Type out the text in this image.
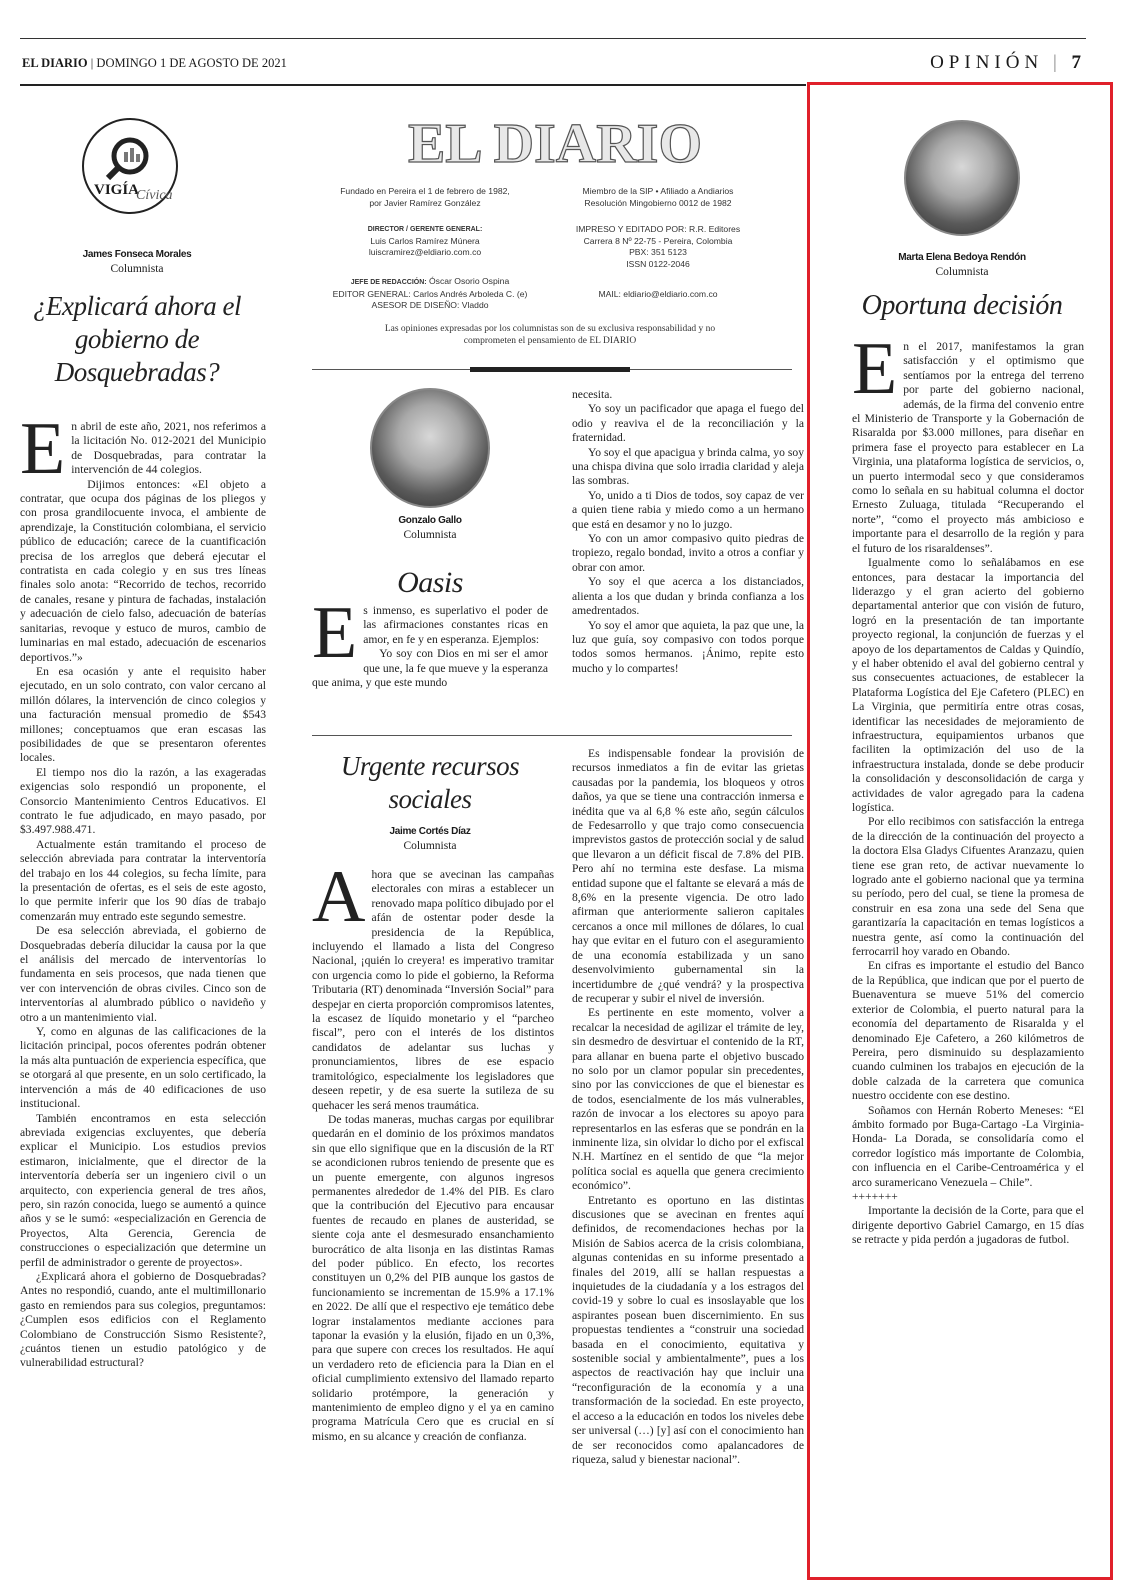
EL DIARIO | DOMINGO 1 DE AGOSTO DE 2021	OPINIÓN | 7
VIGÍA
Cívica
James Fonseca Morales
Columnista
¿Explicará ahora el gobierno de Dosquebradas?
E n abril de este año, 2021, nos referimos a la licitación No. 012-2021 del Municipio de Dosquebradas, para contratar la intervención de 44 colegios.

Dijimos entonces: «El objeto a contratar, que ocupa dos páginas de los pliegos y con prosa grandilocuente invoca, el ambiente de aprendizaje, la Constitución colombiana, el servicio público de educación; carece de la cuantificación precisa de los arreglos que deberá ejecutar el contratista en cada colegio y en sus tres líneas finales solo anota: “Recorrido de techos, recorrido de canales, resane y pintura de fachadas, instalación y adecuación de cielo falso, adecuación de baterías sanitarias, revoque y estuco de muros, cambio de luminarias en mal estado, adecuación de escenarios deportivos.”»

En esa ocasión y ante el requisito haber ejecutado, en un solo contrato, con valor cercano al millón dólares, la intervención de cinco colegios y una facturación mensual promedio de $543 millones; conceptuamos que eran escasas las posibilidades de que se presentaron oferentes locales.

El tiempo nos dio la razón, a las exageradas exigencias solo respondió un proponente, el Consorcio Mantenimiento Centros Educativos. El contrato le fue adjudicado, en mayo pasado, por $3.497.988.471.

Actualmente están tramitando el proceso de selección abreviada para contratar la interventoría del trabajo en los 44 colegios, su fecha límite, para la presentación de ofertas, es el seis de este agosto, lo que permite inferir que los 90 días de trabajo comenzarán muy entrado este segundo semestre.

De esa selección abreviada, el gobierno de Dosquebradas debería dilucidar la causa por la que el análisis del mercado de interventorías lo fundamenta en seis procesos, que nada tienen que ver con intervención de obras civiles. Cinco son de interventorías al alumbrado público o navideño y otro a un mantenimiento vial.

Y, como en algunas de las calificaciones de la licitación principal, pocos oferentes podrán obtener la más alta puntuación de experiencia específica, que se otorgará al que presente, en un solo certificado, la intervención a más de 40 edificaciones de uso institucional.

También encontramos en esta selección abreviada exigencias excluyentes, que debería explicar el Municipio. Los estudios previos estimaron, inicialmente, que el director de la interventoría debería ser un ingeniero civil o un arquitecto, con experiencia general de tres años, pero, sin razón conocida, luego se aumentó a quince años y se le sumó: «especialización en Gerencia de Proyectos, Alta Gerencia, Gerencia de construcciones o especialización que determine un perfil de administrador o gerente de proyectos».

¿Explicará ahora el gobierno de Dosquebradas? Antes no respondió, cuando, ante el multimillonario gasto en remiendos para sus colegios, preguntamos: ¿Cumplen esos edificios con el Reglamento Colombiano de Construcción Sismo Resistente?, ¿cuántos tienen un estudio patológico y de vulnerabilidad estructural?

EL DIARIO
Fundado en Pereira el 1 de febrero de 1982, por Javier Ramírez González
DIRECTOR / GERENTE GENERAL:
Luis Carlos Ramírez Múnera
luiscramirez@eldiario.com.co
JEFE DE REDACCIÓN: Óscar Osorio Ospina
EDITOR GENERAL: Carlos Andrés Arboleda C. (e)
ASESOR DE DISEÑO: Vladdo
Miembro de la SIP • Afiliado a Andiarios
Resolución Mingobierno 0012 de 1982
IMPRESO Y EDITADO POR: R.R. Editores
Carrera 8 Nº 22-75 - Pereira, Colombia
PBX: 351 5123
ISSN 0122-2046
MAIL: eldiario@eldiario.com.co
Las opiniones expresadas por los columnistas son de su exclusiva responsabilidad y no comprometen el pensamiento de EL DIARIO
Gonzalo Gallo
Columnista
Oasis
E s inmenso, es superlativo el poder de las afirmaciones constantes ricas en amor, en fe y en esperanza. Ejemplos:

Yo soy con Dios en mi ser el amor que une, la fe que mueve y la esperanza que anima, y que este mundo

necesita.

Yo soy un pacificador que apaga el fuego del odio y reaviva el de la reconciliación y la fraternidad.

Yo soy el que apacigua y brinda calma, yo soy una chispa divina que solo irradia claridad y aleja las sombras.

Yo, unido a ti Dios de todos, soy capaz de ver a quien tiene rabia y miedo como a un hermano que está en desamor y no lo juzgo.

Yo con un amor compasivo quito piedras de tropiezo, regalo bondad, invito a otros a confiar y obrar con amor.

Yo soy el que acerca a los distanciados, alienta a los que dudan y brinda confianza a los amedrentados.

Yo soy el amor que aquieta, la paz que une, la luz que guía, soy compasivo con todos porque todos somos hermanos. ¡Ánimo, repite esto mucho y lo compartes!

Urgente recursos sociales
Jaime Cortés Díaz
Columnista
A hora que se avecinan las campañas electorales con miras a establecer un renovado mapa político dibujado por el afán de ostentar poder desde la presidencia de la República, incluyendo el llamado a lista del Congreso Nacional, ¡quién lo creyera! es imperativo tramitar con urgencia como lo pide el gobierno, la Reforma Tributaria (RT) denominada “Inversión Social” para despejar en cierta proporción compromisos latentes, la escasez de líquido monetario y el “parcheo fiscal”, pero con el interés de los distintos candidatos de adelantar sus luchas y pronunciamientos, libres de ese espacio tramitológico, especialmente los legisladores que deseen repetir, y de esa suerte la sutileza de su quehacer les será menos traumática.

De todas maneras, muchas cargas por equilibrar quedarán en el dominio de los próximos mandatos sin que ello signifique que en la discusión de la RT se acondicionen rubros teniendo de presente que es un puente emergente, con algunos ingresos permanentes alrededor de 1.4% del PIB. Es claro que la contribución del Ejecutivo para encausar fuentes de recaudo en planes de austeridad, se siente coja ante el desmesurado ensanchamiento burocrático de alta lisonja en las distintas Ramas del poder público. En efecto, los recortes constituyen un 0,2% del PIB aunque los gastos de funcionamiento se incrementan de 15.9% a 17.1% en 2022. De allí que el respectivo eje temático debe lograr instalamentos mediante acciones para taponar la evasión y la elusión, fijado en un 0,3%, para que supere con creces los resultados. He aquí un verdadero reto de eficiencia para la Dian en el oficial cumplimiento extensivo del llamado reparto solidario protémpore, la generación y mantenimiento de empleo digno y el ya en camino programa Matrícula Cero que es crucial en sí mismo, en su alcance y creación de confianza.

Es indispensable fondear la provisión de recursos inmediatos a fin de evitar las grietas causadas por la pandemia, los bloqueos y otros daños, ya que se tiene una contracción inmersa e inédita que va al 6,8 % este año, según cálculos de Fedesarrollo y que trajo como consecuencia imprevistos gastos de protección social y de salud que llevaron a un déficit fiscal de 7.8% del PIB. Pero ahí no termina este desfase. La misma entidad supone que el faltante se elevará a más de 8,6% en la presente vigencia. De otro lado afirman que anteriormente salieron capitales cercanos a once mil millones de dólares, lo cual hay que evitar en el futuro con el aseguramiento de una economía estabilizada y un sano desenvolvimiento gubernamental sin la incertidumbre de ¿qué vendrá? y la prospectiva de recuperar y subir el nivel de inversión.

Es pertinente en este momento, volver a recalcar la necesidad de agilizar el trámite de ley, sin desmedro de desvirtuar el contenido de la RT, para allanar en buena parte el objetivo buscado no solo por un clamor popular sin precedentes, sino por las convicciones de que el bienestar es de todos, esencialmente de los más vulnerables, razón de invocar a los electores su apoyo para representarlos en las esferas que se pondrán en la inminente liza, sin olvidar lo dicho por el exfiscal N.H. Martínez en el sentido de que “la mejor política social es aquella que genera crecimiento económico”.

Entretanto es oportuno en las distintas discusiones que se avecinan en frentes aquí definidos, de recomendaciones hechas por la Misión de Sabios acerca de la crisis colombiana, algunas contenidas en su informe presentado a finales del 2019, allí se hallan respuestas a inquietudes de la ciudadanía y a los estragos del covid-19 y sobre lo cual es insoslayable que los aspirantes posean buen discernimiento. En sus propuestas tendientes a “construir una sociedad basada en el conocimiento, equitativa y sostenible social y ambientalmente”, pues a los aspectos de reactivación hay que incluir una “reconfiguración de la economía y a una transformación de la sociedad. En este proyecto, el acceso a la educación en todos los niveles debe ser universal (…) [y] así con el conocimiento han de ser reconocidos como apalancadores de riqueza, salud y bienestar nacional”.

Marta Elena Bedoya Rendón
Columnista
Oportuna decisión
E n el 2017, manifestamos la gran satisfacción y el optimismo que sentíamos por la entrega del terreno por parte del gobierno nacional, además, de la firma del convenio entre el Ministerio de Transporte y la Gobernación de Risaralda por $3.000 millones, para diseñar en primera fase el proyecto para establecer en La Virginia, una plataforma logística de servicios, o, un puerto intermodal seco y que consideramos como lo señala en su habitual columna el doctor Ernesto Zuluaga, titulada “Recuperando el norte”, “como el proyecto más ambicioso e importante para el desarrollo de la región y para el futuro de los risaraldenses”.

Igualmente como lo señalábamos en ese entonces, para destacar la importancia del liderazgo y el gran acierto del gobierno departamental anterior que con visión de futuro, logró en la presentación de tan importante proyecto regional, la conjunción de fuerzas y el apoyo de los departamentos de Caldas y Quindío, y el haber obtenido el aval del gobierno central y sus consecuentes actuaciones, de establecer la Plataforma Logística del Eje Cafetero (PLEC) en La Virginia, que permitiría entre otras cosas, identificar las necesidades de mejoramiento de infraestructura, equipamientos urbanos que faciliten la optimización del uso de la infraestructura instalada, donde se debe producir la consolidación y desconsolidación de carga y actividades de valor agregado para la cadena logística.

Por ello recibimos con satisfacción la entrega de la dirección de la continuación del proyecto a la doctora Elsa Gladys Cifuentes Aranzazu, quien tiene ese gran reto, de activar nuevamente lo logrado ante el gobierno nacional que ya termina su período, pero del cual, se tiene la promesa de construir en esa zona una sede del Sena que garantizaría la capacitación en temas logísticos a nuestra gente, así como la continuación del ferrocarril hoy varado en Obando.

En cifras es importante el estudio del Banco de la República, que indican que por el puerto de Buenaventura se mueve 51% del comercio exterior de Colombia, el puerto natural para la economía del departamento de Risaralda y el denominado Eje Cafetero, a 260 kilómetros de Pereira, pero disminuido su desplazamiento cuando culminen los trabajos en ejecución de la doble calzada de la carretera que comunica nuestro occidente con ese destino.

Soñamos con Hernán Roberto Meneses: “El ámbito formado por Buga-Cartago -La Virginia- Honda- La Dorada, se consolidaría como el corredor logístico más importante de Colombia, con influencia en el Caribe-Centroamérica y el arco suramericano Venezuela – Chile”.

+++++++

Importante la decisión de la Corte, para que el dirigente deportivo Gabriel Camargo, en 15 días se retracte y pida perdón a jugadoras de futbol.
